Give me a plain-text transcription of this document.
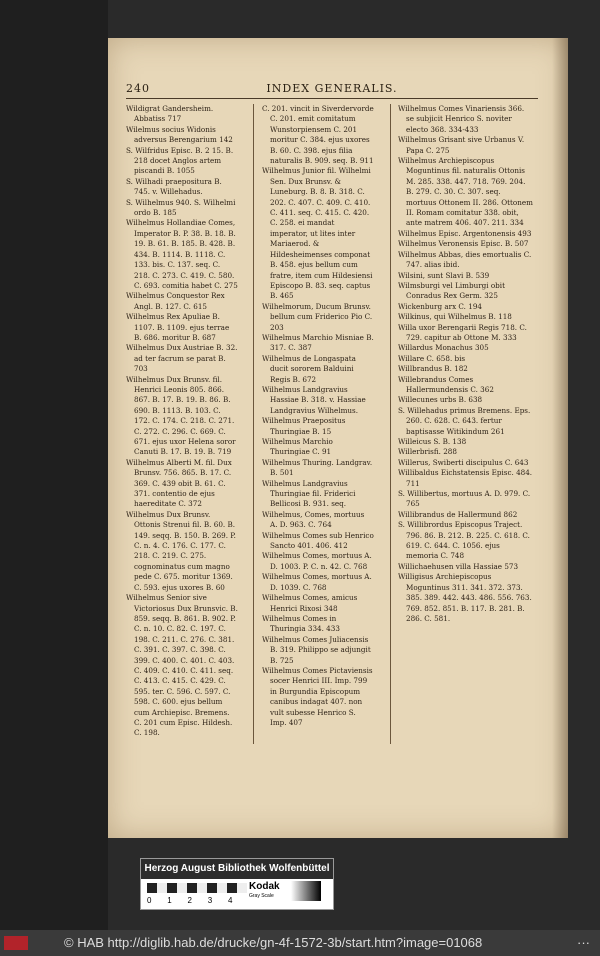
240	INDEX GENERALIS.

Wildigrat Gandersheim. Abbatiss 717

Wilelmus socius Widonis adversus Berengarium 142

S. Wilfridus Episc. B. 2 15. B. 218 docet Anglos artem piscandi B. 1055

S. Wilhadi praepositura B. 745. v. Willehadus.

S. Wilhelmus 940. S. Wilhelmi ordo B. 185

Wilhelmus Hollandiae Comes, Imperator B. P. 38. B. 18. B. 19. B. 61. B. 185. B. 428. B. 434. B. 1114. B. 1118. C. 133. bis. C. 137. seq. C. 218. C. 273. C. 419. C. 580. C. 693. comitia habet C. 275

Wilhelmus Conquestor Rex Angl. B. 127. C. 615

Wilhelmus Rex Apuliae B. 1107. B. 1109. ejus terrae B. 686. moritur B. 687

Wilhelmus Dux Austriae B. 32. ad ter facrum se parat B. 703

Wilhelmus Dux Brunsv. fil. Henrici Leonis 805. 866. 867. B. 17. B. 19. B. 86. B. 690. B. 1113. B. 103. C. 172. C. 174. C. 218. C. 271. C. 272. C. 296. C. 669. C. 671. ejus uxor Helena soror Canuti B. 17. B. 19. B. 719

Wilhelmus Alberti M. fil. Dux Brunsv. 756. 865. B. 17. C. 369. C. 439 obit B. 61. C. 371. contentio de ejus haereditate C. 372

Wilhelmus Dux Brunsv. Ottonis Strenui fil. B. 60. B. 149. seqq. B. 150. B. 269. P. C. n. 4. C. 176. C. 177. C. 218. C. 219. C. 275. cognominatus cum magno pede C. 675. moritur 1369. C. 593. ejus uxores B. 60

Wilhelmus Senior sive Victoriosus Dux Brunsvic. B. 859. seqq. B. 861. B. 902. P. C. n. 10. C. 82. C. 197. C. 198. C. 211. C. 276. C. 381. C. 391. C. 397. C. 398. C. 399. C. 400. C. 401. C. 403. C. 409. C. 410. C. 411. seq. C. 413. C. 415. C. 429. C. 595. ter. C. 596. C. 597. C. 598. C. 600. ejus bellum cum Archiepisc. Bremens. C. 201 cum Episc. Hildesh. C. 198.

C. 201. vincit in Siverdervorde C. 201. emit comitatum Wunstorpiensem C. 201 moritur C. 384. ejus uxores B. 60. C. 398. ejus filia naturalis B. 909. seq. B. 911

Wilhelmus Junior fil. Wilhelmi Sen. Dux Brunsv. & Luneburg. B. 8. B. 318. C. 202. C. 407. C. 409. C. 410. C. 411. seq. C. 415. C. 420. C. 258. ei mandat imperator, ut lites inter Mariaerod. & Hildesheimenses componat B. 458. ejus bellum cum fratre, item cum Hildesiensi Episcopo B. 83. seq. captus B. 465

Wilhelmorum, Ducum Brunsv. bellum cum Friderico Pio C. 203

Wilhelmus Marchio Misniae B. 317. C. 387

Wilhelmus de Longaspata ducit sororem Balduini Regis B. 672

Wilhelmus Landgravius Hassiae B. 318. v. Hassiae Landgravius Wilhelmus.

Wilhelmus Praepositus Thuringiae B. 15

Wilhelmus Marchio Thuringiae C. 91

Wilhelmus Thuring. Landgrav. B. 501

Wilhelmus Landgravius Thuringiae fil. Friderici Bellicosi B. 931. seq.

Wilhelmus, Comes, mortuus A. D. 963. C. 764

Wilhelmus Comes sub Henrico Sancto 401. 406. 412

Wilhelmus Comes, mortuus A. D. 1003. P. C. n. 42. C. 768

Wilhelmus Comes, mortuus A. D. 1039. C. 768

Wilhelmus Comes, amicus Henrici Rixosi 348

Wilhelmus Comes in Thuringia 334. 433

Wilhelmus Comes Juliacensis B. 319. Philippo se adjungit B. 725

Wilhelmus Comes Pictaviensis socer Henrici III. Imp. 799 in Burgundia Episcopum canibus indagat 407. non vult subesse Henrico S. Imp. 407

Wilhelmus Comes Vinariensis 366. se subjicit Henrico S. noviter electo 368. 334-433

Wilhelmus Grisant sive Urbanus V. Papa C. 275

Wilhelmus Archiepiscopus Moguntinus fil. naturalis Ottonis M. 285. 338. 447. 718. 769. 204. B. 279. C. 30. C. 307. seq. mortuus Ottonem II. 286. Ottonem II. Romam comitatur 338. obit, ante matrem 406. 407. 211. 334

Wilhelmus Episc. Argentonensis 493

Wilhelmus Veronensis Episc. B. 507

Wilhelmus Abbas, dies emortualis C. 747. alias ibid.

Wilsini, sunt Slavi B. 539

Wilmsburgi vel Limburgi obit Conradus Rex Germ. 325

Wickenburg arx C. 194

Wilkinus, qui Wilhelmus B. 118

Willa uxor Berengarii Regis 718. C. 729. capitur ab Ottone M. 333

Willardus Monachus 305

Willare C. 658. bis

Willbrandus B. 182

Willebrandus Comes Hallermundensis C. 362

Willecunes urbs B. 638

S. Willehadus primus Bremens. Eps. 260. C. 628. C. 643. fertur baptisasse Witikindum 261

Willeicus S. B. 138

Willerbrisfi. 288

Willerus, Swiberti discipulus C. 643

Willibaldus Eichstatensis Episc. 484. 711

S. Willibertus, mortuus A. D. 979. C. 765

Willibrandus de Hallermund 862

S. Willibrordus Episcopus Traject. 796. 86. B. 212. B. 225. C. 618. C. 619. C. 644. C. 1056. ejus memoria C. 748

Willichaehusen villa Hassiae 573

Willigisus Archiepiscopus Moguntinus 311. 341. 372. 373. 385. 389. 442. 443. 486. 556. 763. 769. 852. 851. B. 117. B. 281. B. 286. C. 581.

Herzog August Bibliothek Wolfenbüttel
Kodak
Gray Scale
0 1 2 3 4
© HAB http://diglib.hab.de/drucke/gn-4f-1572-3b/start.htm?image=01068	···
